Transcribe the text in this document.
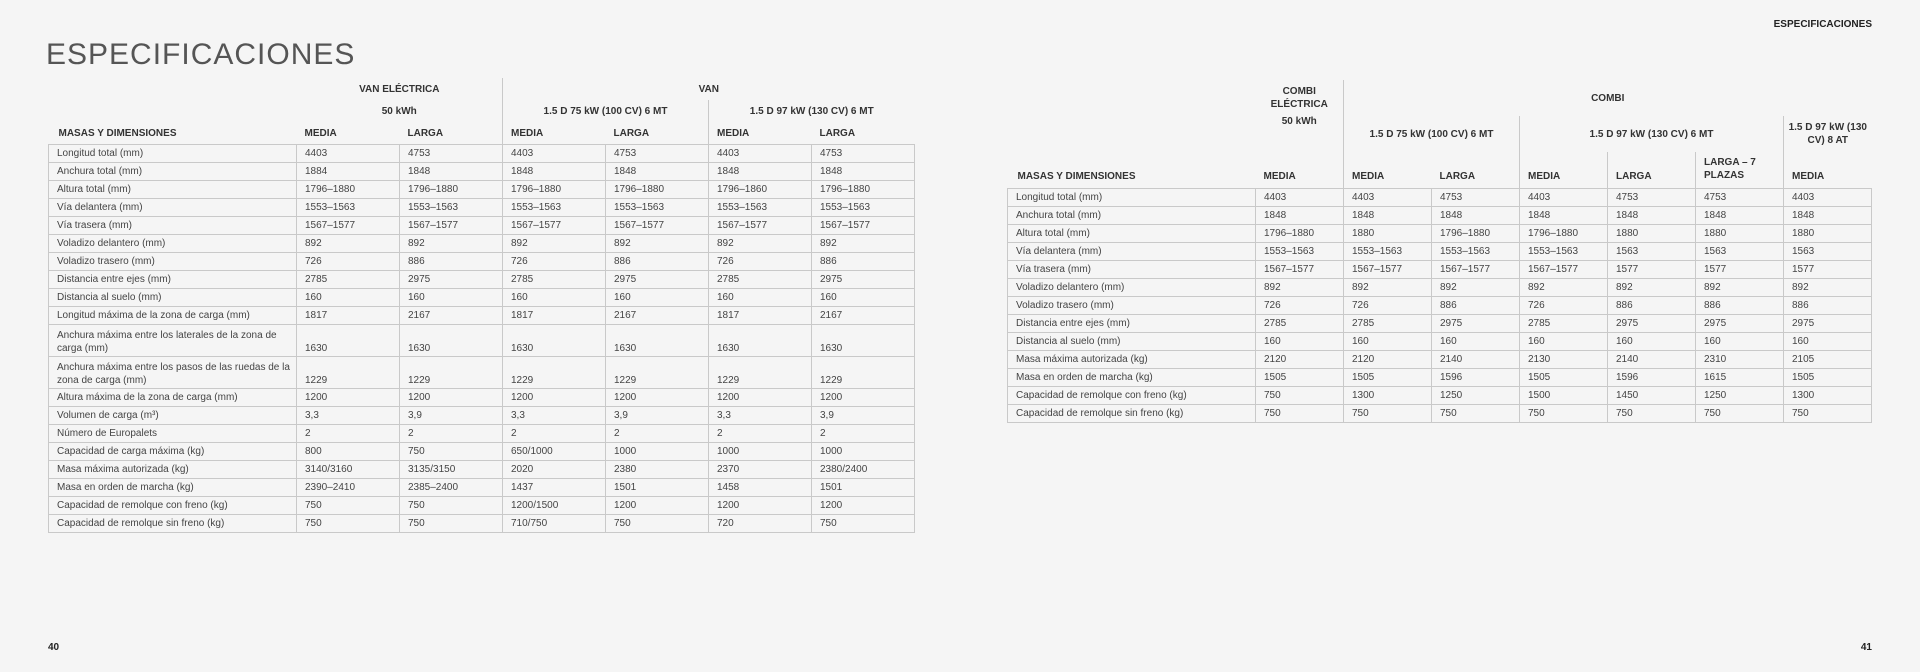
ESPECIFICACIONES
ESPECIFICACIONES
40	41
	VAN ELÉCTRICA		VAN			
	50 kWh		1.5 D 75 kW (100 CV) 6 MT		1.5 D 97 kW (130 CV) 6 MT	
MASAS Y DIMENSIONES	MEDIA	LARGA	MEDIA	LARGA	MEDIA	LARGA
Longitud total (mm)	4403	4753	4403	4753	4403	4753
Anchura total (mm)	1884	1848	1848	1848	1848	1848
Altura total (mm)	1796–1880	1796–1880	1796–1880	1796–1880	1796–1860	1796–1880
Vía delantera (mm)	1553–1563	1553–1563	1553–1563	1553–1563	1553–1563	1553–1563
Vía trasera (mm)	1567–1577	1567–1577	1567–1577	1567–1577	1567–1577	1567–1577
Voladizo delantero (mm)	892	892	892	892	892	892
Voladizo trasero (mm)	726	886	726	886	726	886
Distancia entre ejes (mm)	2785	2975	2785	2975	2785	2975
Distancia al suelo (mm)	160	160	160	160	160	160
Longitud máxima de la zona de carga (mm)	1817	2167	1817	2167	1817	2167
Anchura máxima entre los laterales de la zona de carga (mm)	1630	1630	1630	1630	1630	1630
Anchura máxima entre los pasos de las ruedas de la zona de carga (mm)	1229	1229	1229	1229	1229	1229
Altura máxima de la zona de carga (mm)	1200	1200	1200	1200	1200	1200
Volumen de carga (m³)	3,3	3,9	3,3	3,9	3,3	3,9
Número de Europalets	2	2	2	2	2	2
Capacidad de carga máxima (kg)	800	750	650/1000	1000	1000	1000
Masa máxima autorizada (kg)	3140/3160	3135/3150	2020	2380	2370	2380/2400
Masa en orden de marcha (kg)	2390–2410	2385–2400	1437	1501	1458	1501
Capacidad de remolque con freno (kg)	750	750	1200/1500	1200	1200	1200
Capacidad de remolque sin freno (kg)	750	750	710/750	750	720	750
	COMBI ELÉCTRICA	COMBI					
	50 kWh	1.5 D 75 kW (100 CV) 6 MT		1.5 D 97 kW (130 CV) 6 MT			1.5 D 97 kW (130 CV) 8 AT
MASAS Y DIMENSIONES	MEDIA	MEDIA	LARGA	MEDIA	LARGA	LARGA – 7 PLAZAS	MEDIA
Longitud total (mm)	4403	4403	4753	4403	4753	4753	4403
Anchura total (mm)	1848	1848	1848	1848	1848	1848	1848
Altura total (mm)	1796–1880	1880	1796–1880	1796–1880	1880	1880	1880
Vía delantera (mm)	1553–1563	1553–1563	1553–1563	1553–1563	1563	1563	1563
Vía trasera (mm)	1567–1577	1567–1577	1567–1577	1567–1577	1577	1577	1577
Voladizo delantero (mm)	892	892	892	892	892	892	892
Voladizo trasero (mm)	726	726	886	726	886	886	886
Distancia entre ejes (mm)	2785	2785	2975	2785	2975	2975	2975
Distancia al suelo (mm)	160	160	160	160	160	160	160
Masa máxima autorizada (kg)	2120	2120	2140	2130	2140	2310	2105
Masa en orden de marcha (kg)	1505	1505	1596	1505	1596	1615	1505
Capacidad de remolque con freno (kg)	750	1300	1250	1500	1450	1250	1300
Capacidad de remolque sin freno (kg)	750	750	750	750	750	750	750
